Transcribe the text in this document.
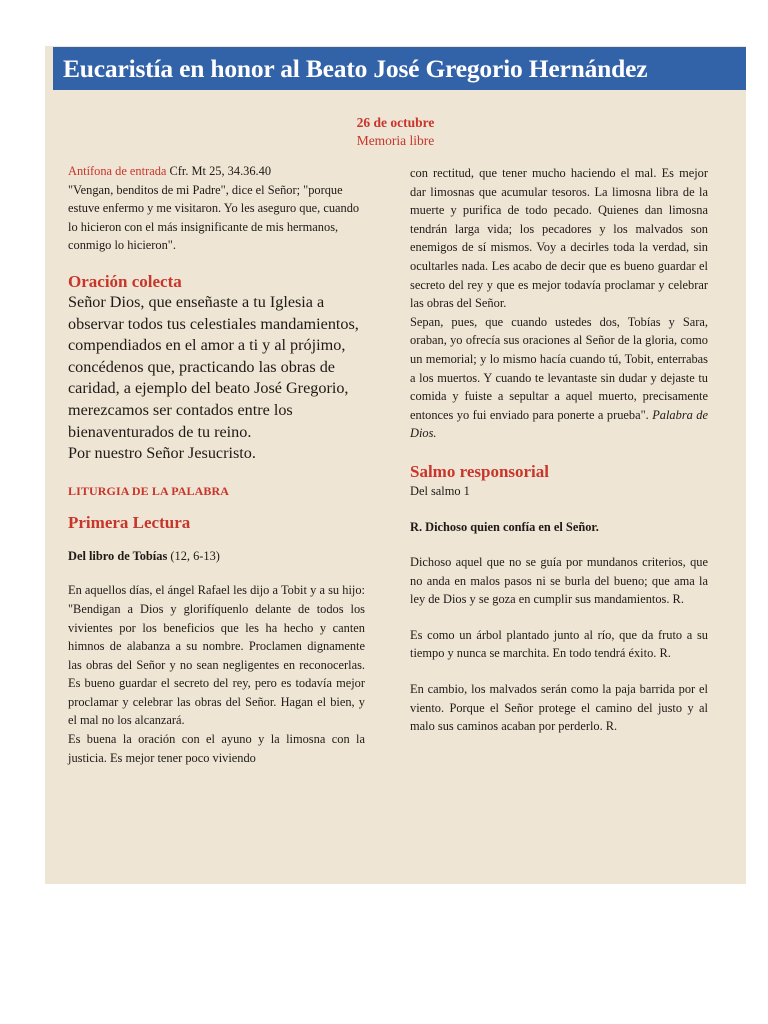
Eucaristía en honor al Beato José Gregorio Hernández
26 de octubre
Memoria libre

Antífona de entrada Cfr. Mt 25, 34.36.40
"Vengan, benditos de mi Padre", dice el Señor; "porque estuve enfermo y me visitaron. Yo les aseguro que, cuando lo hicieron con el más insignificante de mis hermanos, conmigo lo hicieron".

Oración colecta

Señor Dios, que enseñaste a tu Iglesia a observar todos tus celestiales mandamientos, compendiados en el amor a ti y al prójimo, concédenos que, practicando las obras de caridad, a ejemplo del beato José Gregorio, merezcamos ser contados entre los bienaventurados de tu reino.
Por nuestro Señor Jesucristo.

LITURGIA DE LA PALABRA

Primera Lectura

Del libro de Tobías (12, 6-13)

En aquellos días, el ángel Rafael les dijo a Tobit y a su hijo: "Bendigan a Dios y glorifíquenlo delante de todos los vivientes por los beneficios que les ha hecho y canten himnos de alabanza a su nombre. Proclamen dignamente las obras del Señor y no sean negligentes en reconocerlas. Es bueno guardar el secreto del rey, pero es todavía mejor proclamar y celebrar las obras del Señor. Hagan el bien, y el mal no los alcanzará.

Es buena la oración con el ayuno y la limosna con la justicia. Es mejor tener poco viviendo

con rectitud, que tener mucho haciendo el mal. Es mejor dar limosnas que acumular tesoros. La limosna libra de la muerte y purifica de todo pecado. Quienes dan limosna tendrán larga vida; los pecadores y los malvados son enemigos de sí mismos. Voy a decirles toda la verdad, sin ocultarles nada. Les acabo de decir que es bueno guardar el secreto del rey y que es mejor todavía proclamar y celebrar las obras del Señor.

Sepan, pues, que cuando ustedes dos, Tobías y Sara, oraban, yo ofrecía sus oraciones al Señor de la gloria, como un memorial; y lo mismo hacía cuando tú, Tobit, enterrabas a los muertos. Y cuando te levantaste sin dudar y dejaste tu comida y fuiste a sepultar a aquel muerto, precisamente entonces yo fui enviado para ponerte a prueba". Palabra de Dios.

Salmo responsorial

Del salmo 1

R. Dichoso quien confía en el Señor.

Dichoso aquel que no se guía por mundanos criterios, que no anda en malos pasos ni se burla del bueno; que ama la ley de Dios y se goza en cumplir sus mandamientos. R.

Es como un árbol plantado junto al río, que da fruto a su tiempo y nunca se marchita. En todo tendrá éxito. R.

En cambio, los malvados serán como la paja barrida por el viento. Porque el Señor protege el camino del justo y al malo sus caminos acaban por perderlo. R.
